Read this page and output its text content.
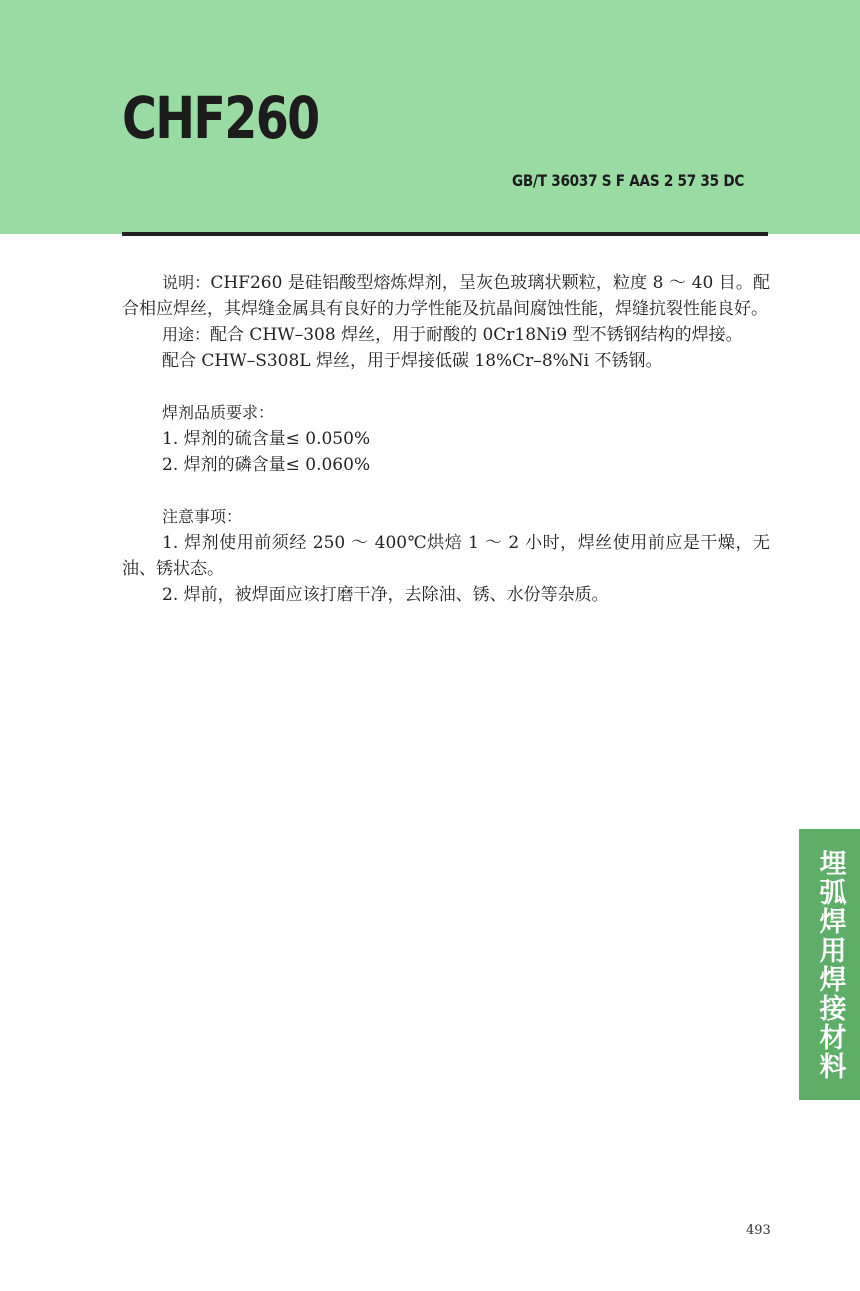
CHF260
GB/T 36037 S F AAS 2 57 35 DC

说明：CHF260 是硅铝酸型熔炼焊剂，呈灰色玻璃状颗粒，粒度 8 ～ 40 目。配合相应焊丝，其焊缝金属具有良好的力学性能及抗晶间腐蚀性能，焊缝抗裂性能良好。

用途：配合 CHW–308 焊丝，用于耐酸的 0Cr18Ni9 型不锈钢结构的焊接。

配合 CHW–S308L 焊丝，用于焊接低碳 18%Cr–8%Ni 不锈钢。

焊剂品质要求：

1. 焊剂的硫含量≤ 0.050%

2. 焊剂的磷含量≤ 0.060%

注意事项：

1. 焊剂使用前须经 250 ～ 400℃烘焙 1 ～ 2 小时，焊丝使用前应是干燥，无油、锈状态。

2. 焊前，被焊面应该打磨干净，去除油、锈、水份等杂质。

埋弧焊用焊接材料
493
